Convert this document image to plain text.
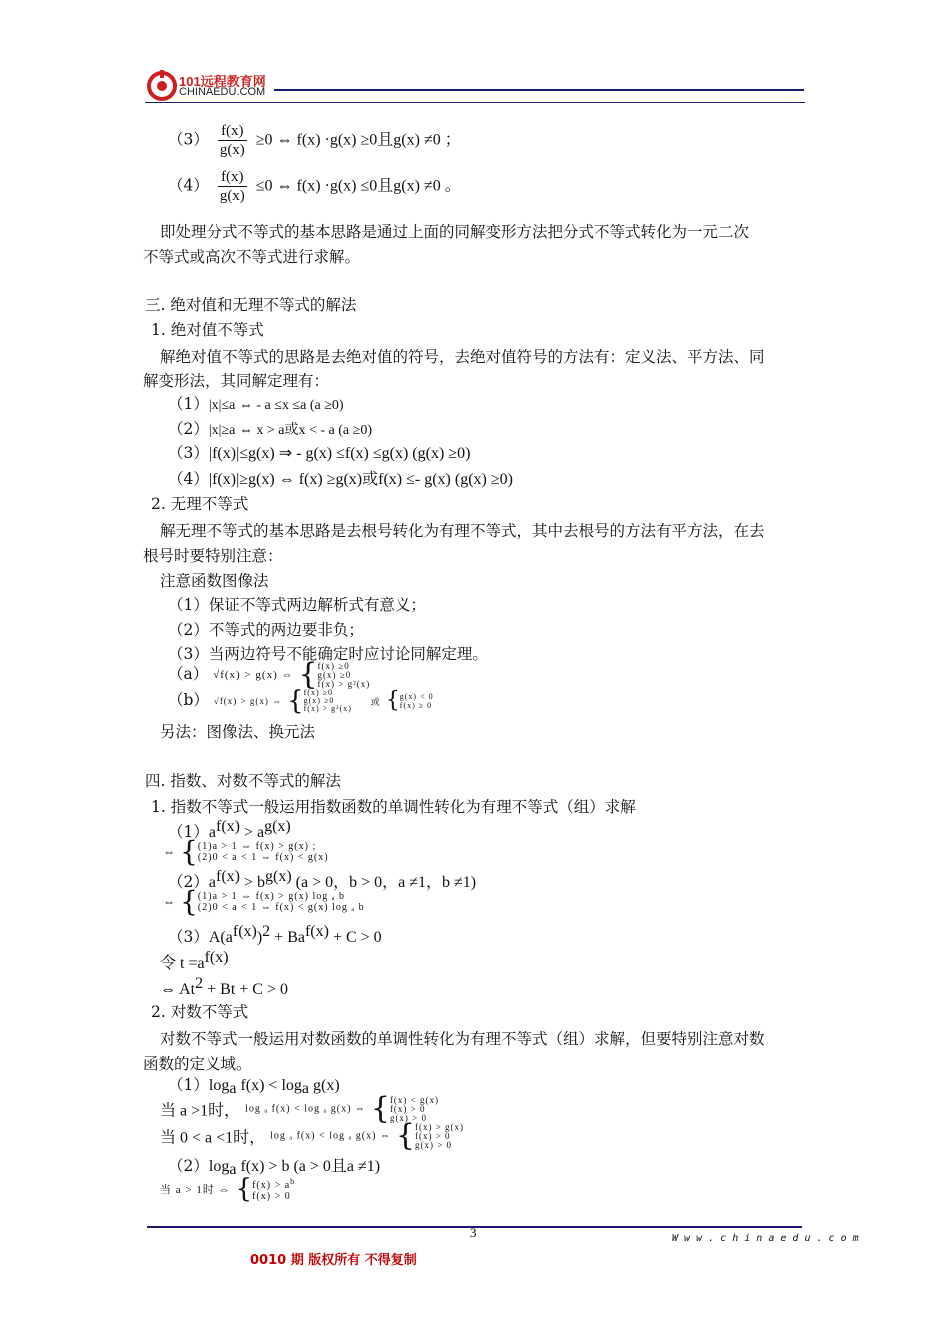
101远程教育网
CHINAEDU.COM
$(3) \frac{f(x)}{g(x)} \ge 0$ ⇔ f(x) ·g(x) ≥0且g(x) ≠0 ；
$(4) \frac{f(x)}{g(x)} \le 0$ ⇔ f(x) ·g(x) ≤0且g(x) ≠0 。
即处理分式不等式的基本思路是通过上面的同解变形方法把分式不等式转化为一元二次
不等式或高次不等式进行求解。
三. 绝对值和无理不等式的解法
1. 绝对值不等式
解绝对值不等式的思路是去绝对值的符号，去绝对值符号的方法有：定义法、平方法、同
解变形法，其同解定理有：
（1）|x|≤a ⇔ - a ≤x ≤a (a ≥0)
（2）|x|≥a ⇔ x > a或x < - a (a ≥0)
（3）|f(x)|≤g(x) ⇒ - g(x) ≤f(x) ≤g(x) (g(x) ≥0)
（4）|f(x)|≥g(x) ⇔ f(x) ≥g(x)或f(x) ≤- g(x) (g(x) ≥0)
2. 无理不等式
解无理不等式的基本思路是去根号转化为有理不等式，其中去根号的方法有平方法，在去
根号时要特别注意：
注意函数图像法
（1）保证不等式两边解析式有意义；
（2）不等式的两边要非负；
（3）当两边符号不能确定时应讨论同解定理。
（a） √f(x) > g(x) ⇔ {f(x) ≥0
g(x) ≥0
f(x) > g²(x)
（b） √f(x) > g(x) ⇔ {f(x) ≥0
g(x) ≥0
f(x) > g²(x) 或 {g(x) < 0
f(x) ≥ 0
另法：图像法、换元法
四. 指数、对数不等式的解法
1. 指数不等式一般运用指数函数的单调性转化为有理不等式（组）求解
$(1)a^{f(x)} > a^{g(x)}$
⇔ {(1)a > 1 ⇔ f(x) > g(x) ;
(2)0 < a < 1 ⇔ f(x) < g(x)
$(2)a^{f(x)} > b^{g(x)}$ (a > 0，b > 0，a ≠1，b ≠1)
⇔ {(1)a > 1 ⇔ f(x) > g(x) log ₐ b
(2)0 < a < 1 ⇔ f(x) < g(x) log ₐ b
$(3)A(a^{f(x)})^2 + Ba^{f(x)} + C > 0$
令 $t =a^{f(x)}$
⇔ $At^2 + Bt + C > 0$
2. 对数不等式
对数不等式一般运用对数函数的单调性转化为有理不等式（组）求解，但要特别注意对数
函数的定义域。
$(1)\log_a$ $f(x) < \log_a g(x)$
当 a >1时， log ₐ f(x) < log ₐ g(x) ⇔ {f(x) < g(x)
f(x) > 0
g(x) > 0
当 0 < a <1时， log ₐ f(x) < log ₐ g(x) ⇔ {f(x) > g(x)
f(x) > 0
g(x) > 0
$(2)\log_a$ f(x) > b (a > 0且a ≠1)
当 a > 1时 ⇔ {$f(x) > a^b$
f(x) > 0
3	W w w . c h i n a e d u . c o m
0010 期 版权所有 不得复制
